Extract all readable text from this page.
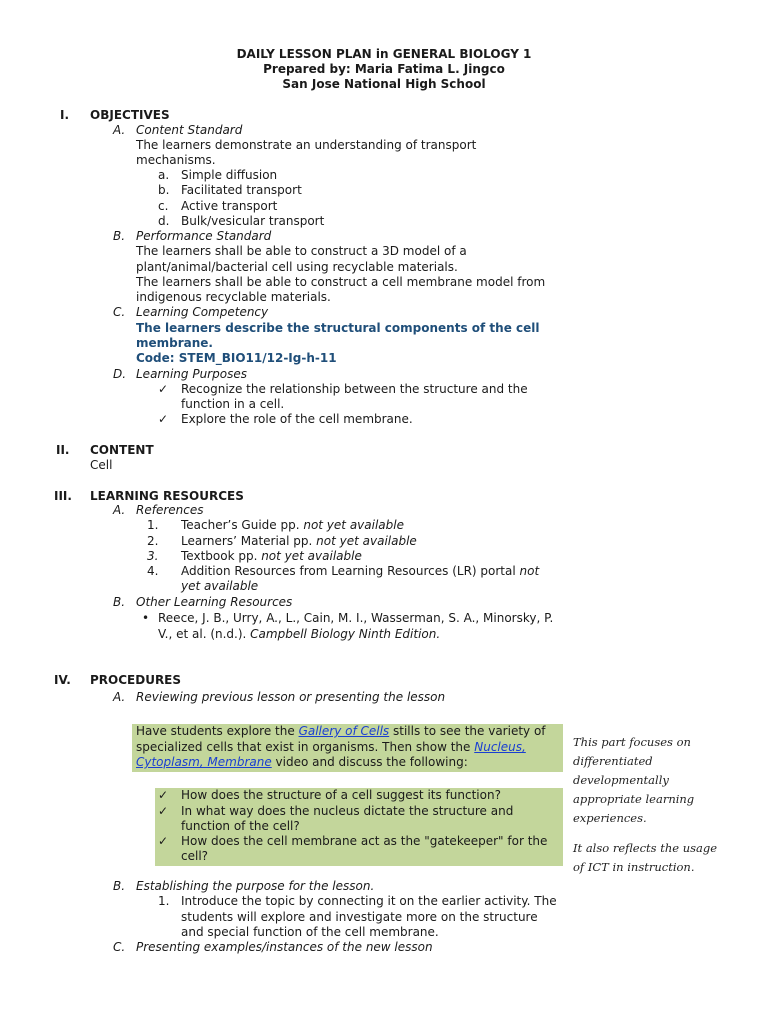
DAILY LESSON PLAN in GENERAL BIOLOGY 1
Prepared by: Maria Fatima L. Jingco
San Jose National High School
I. OBJECTIVES
A. Content Standard
The learners demonstrate an understanding of transport
mechanisms.
a. Simple diffusion
b. Facilitated transport
c. Active transport
d. Bulk/vesicular transport
B. Performance Standard
The learners shall be able to construct a 3D model of a
plant/animal/bacterial cell using recyclable materials.
The learners shall be able to construct a cell membrane model from
indigenous recyclable materials.
C. Learning Competency
The learners describe the structural components of the cell
membrane.
Code: STEM_BIO11/12-Ig-h-11
D. Learning Purposes
✓ Recognize the relationship between the structure and the
function in a cell.
✓ Explore the role of the cell membrane.
II. CONTENT
Cell
III. LEARNING RESOURCES
A. References
1. Teacher’s Guide pp. not yet available
2. Learners’ Material pp. not yet available
3. Textbook pp. not yet available
4. Addition Resources from Learning Resources (LR) portal not
yet available
B. Other Learning Resources
• Reece, J. B., Urry, A., L., Cain, M. I., Wasserman, S. A., Minorsky, P.
V., et al. (n.d.). Campbell Biology Ninth Edition.
IV. PROCEDURES
A. Reviewing previous lesson or presenting the lesson
Have students explore the Gallery of Cells stills to see the variety of
specialized cells that exist in organisms. Then show the Nucleus,
Cytoplasm, Membrane video and discuss the following:
✓ How does the structure of a cell suggest its function?
✓ In what way does the nucleus dictate the structure and
function of the cell?
✓ How does the cell membrane act as the "gatekeeper" for the
cell?
This part focuses on
differentiated
developmentally
appropriate learning
experiences.
It also reflects the usage
of ICT in instruction.
B. Establishing the purpose for the lesson.
1. Introduce the topic by connecting it on the earlier activity. The
students will explore and investigate more on the structure
and special function of the cell membrane.
C. Presenting examples/instances of the new lesson
